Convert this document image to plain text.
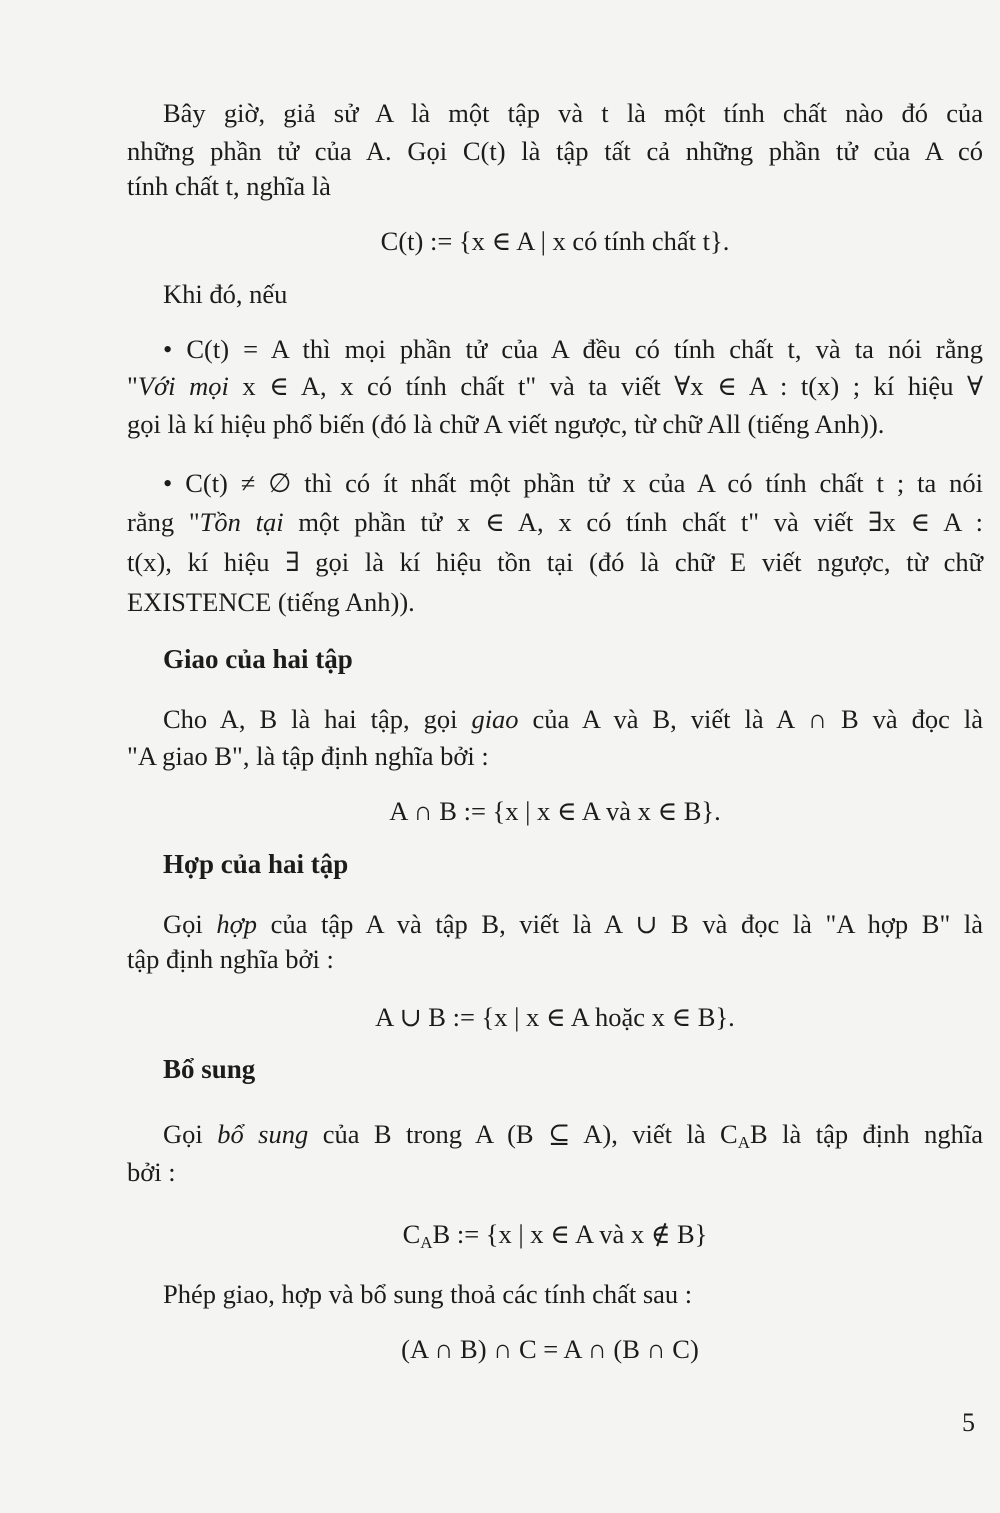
Bây giờ, giả sử A là một tập và t là một tính chất nào đó của
những phần tử của A. Gọi C(t) là tập tất cả những phần tử của A có
tính chất t, nghĩa là
C(t) := {x ∈ A | x có tính chất t}.
Khi đó, nếu
• C(t) = A thì mọi phần tử của A đều có tính chất t, và ta nói rằng
"Với mọi x ∈ A, x có tính chất t" và ta viết ∀x ∈ A : t(x) ; kí hiệu ∀
gọi là kí hiệu phổ biến (đó là chữ A viết ngược, từ chữ All (tiếng Anh)).
• C(t) ≠ ∅ thì có ít nhất một phần tử x của A có tính chất t ; ta nói
rằng "Tồn tại một phần tử x ∈ A, x có tính chất t" và viết ∃x ∈ A :
t(x), kí hiệu ∃ gọi là kí hiệu tồn tại (đó là chữ E viết ngược, từ chữ
EXISTENCE (tiếng Anh)).
Giao của hai tập
Cho A, B là hai tập, gọi giao của A và B, viết là A ∩ B và đọc là
"A giao B", là tập định nghĩa bởi :
A ∩ B := {x | x ∈ A và x ∈ B}.
Hợp của hai tập
Gọi hợp của tập A và tập B, viết là A ∪ B và đọc là "A hợp B" là
tập định nghĩa bởi :
A ∪ B := {x | x ∈ A hoặc x ∈ B}.
Bổ sung
Gọi bổ sung của B trong A (B ⊆ A), viết là $C_AB$ là tập định nghĩa
bởi :
$C_AB$ := {x | x ∈ A và x ∉ B}
Phép giao, hợp và bổ sung thoả các tính chất sau :
(A ∩ B) ∩ C = A ∩ (B ∩ C)
5
